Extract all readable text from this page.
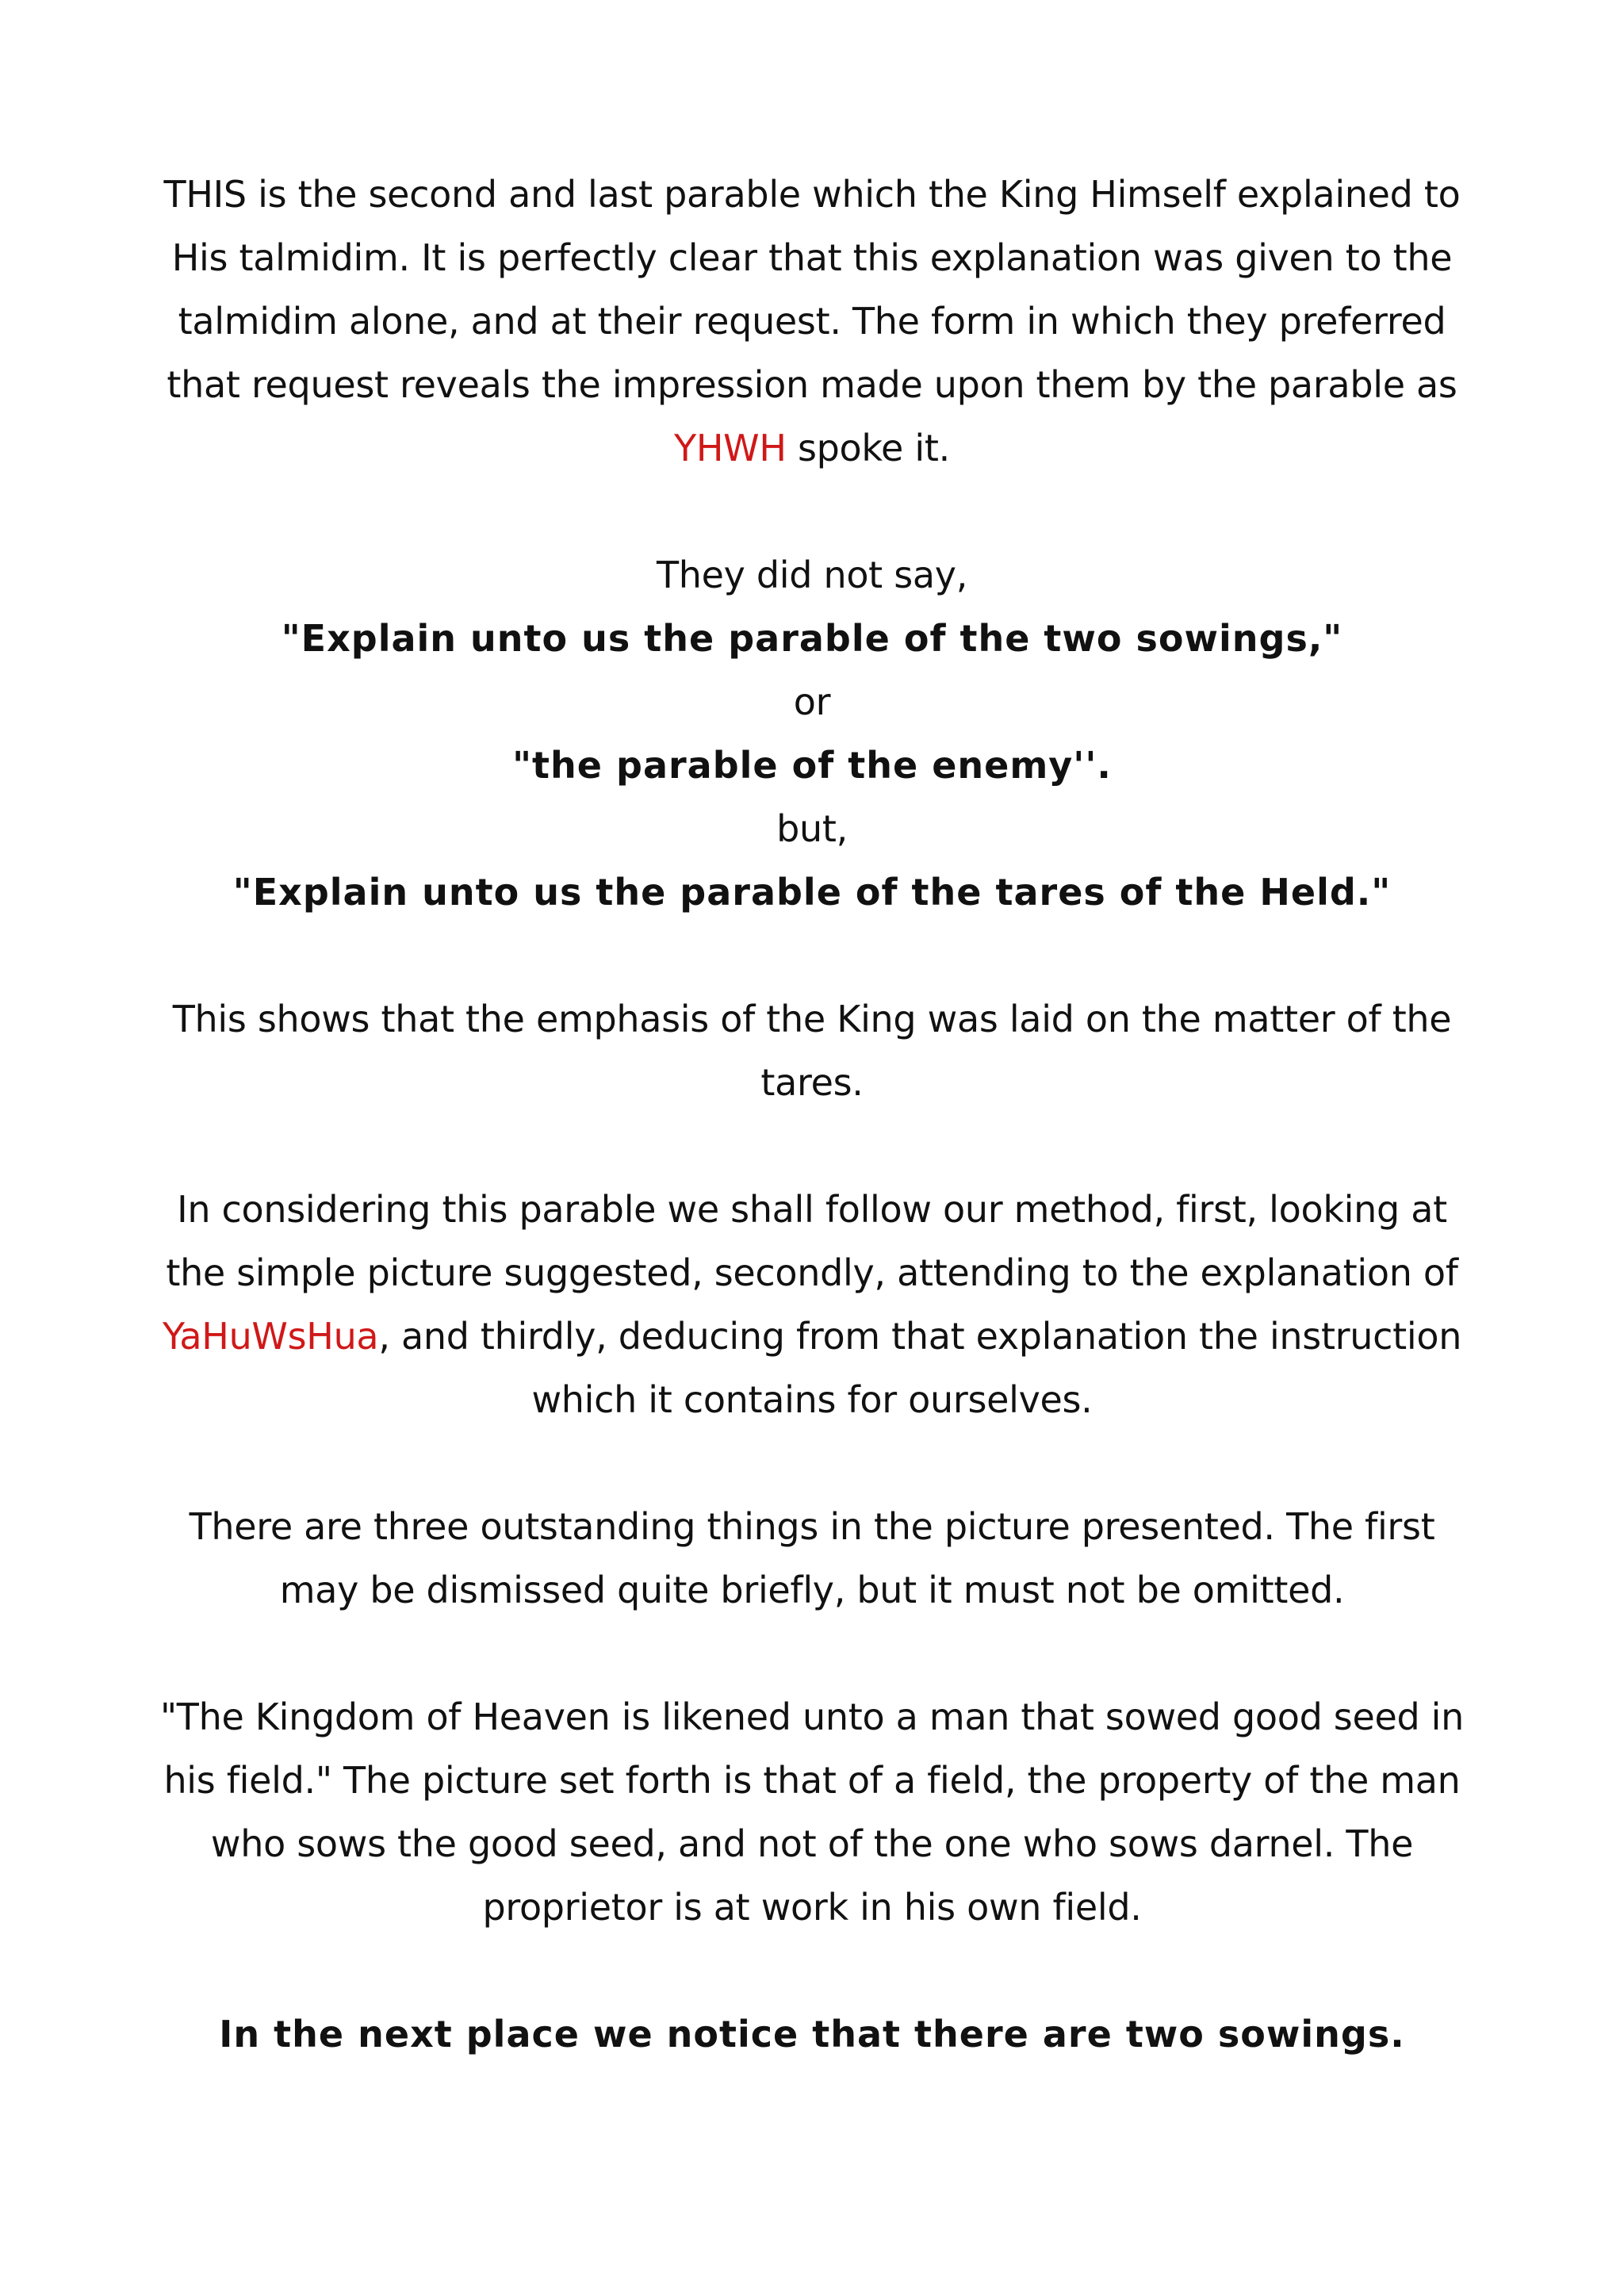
THIS is the second and last parable which the King Himself explained to His talmidim. It is perfectly clear that this explanation was given to the talmidim alone, and at their request. The form in which they preferred that request reveals the impression made upon them by the parable as YHWH spoke it.

They did not say,

"Explain unto us the parable of the two sowings,"

or

"the parable of the enemy''.

but,

"Explain unto us the parable of the tares of the Held."

This shows that the emphasis of the King was laid on the matter of the tares.

In considering this parable we shall follow our method, first, looking at the simple picture suggested, secondly, attending to the explanation of YaHuWsHua, and thirdly, deducing from that explanation the instruction which it contains for ourselves.

There are three outstanding things in the picture presented. The first may be dismissed quite briefly, but it must not be omitted.

"The Kingdom of Heaven is likened unto a man that sowed good seed in his field." The picture set forth is that of a field, the property of the man who sows the good seed, and not of the one who sows darnel. The proprietor is at work in his own field.

In the next place we notice that there are two sowings.
